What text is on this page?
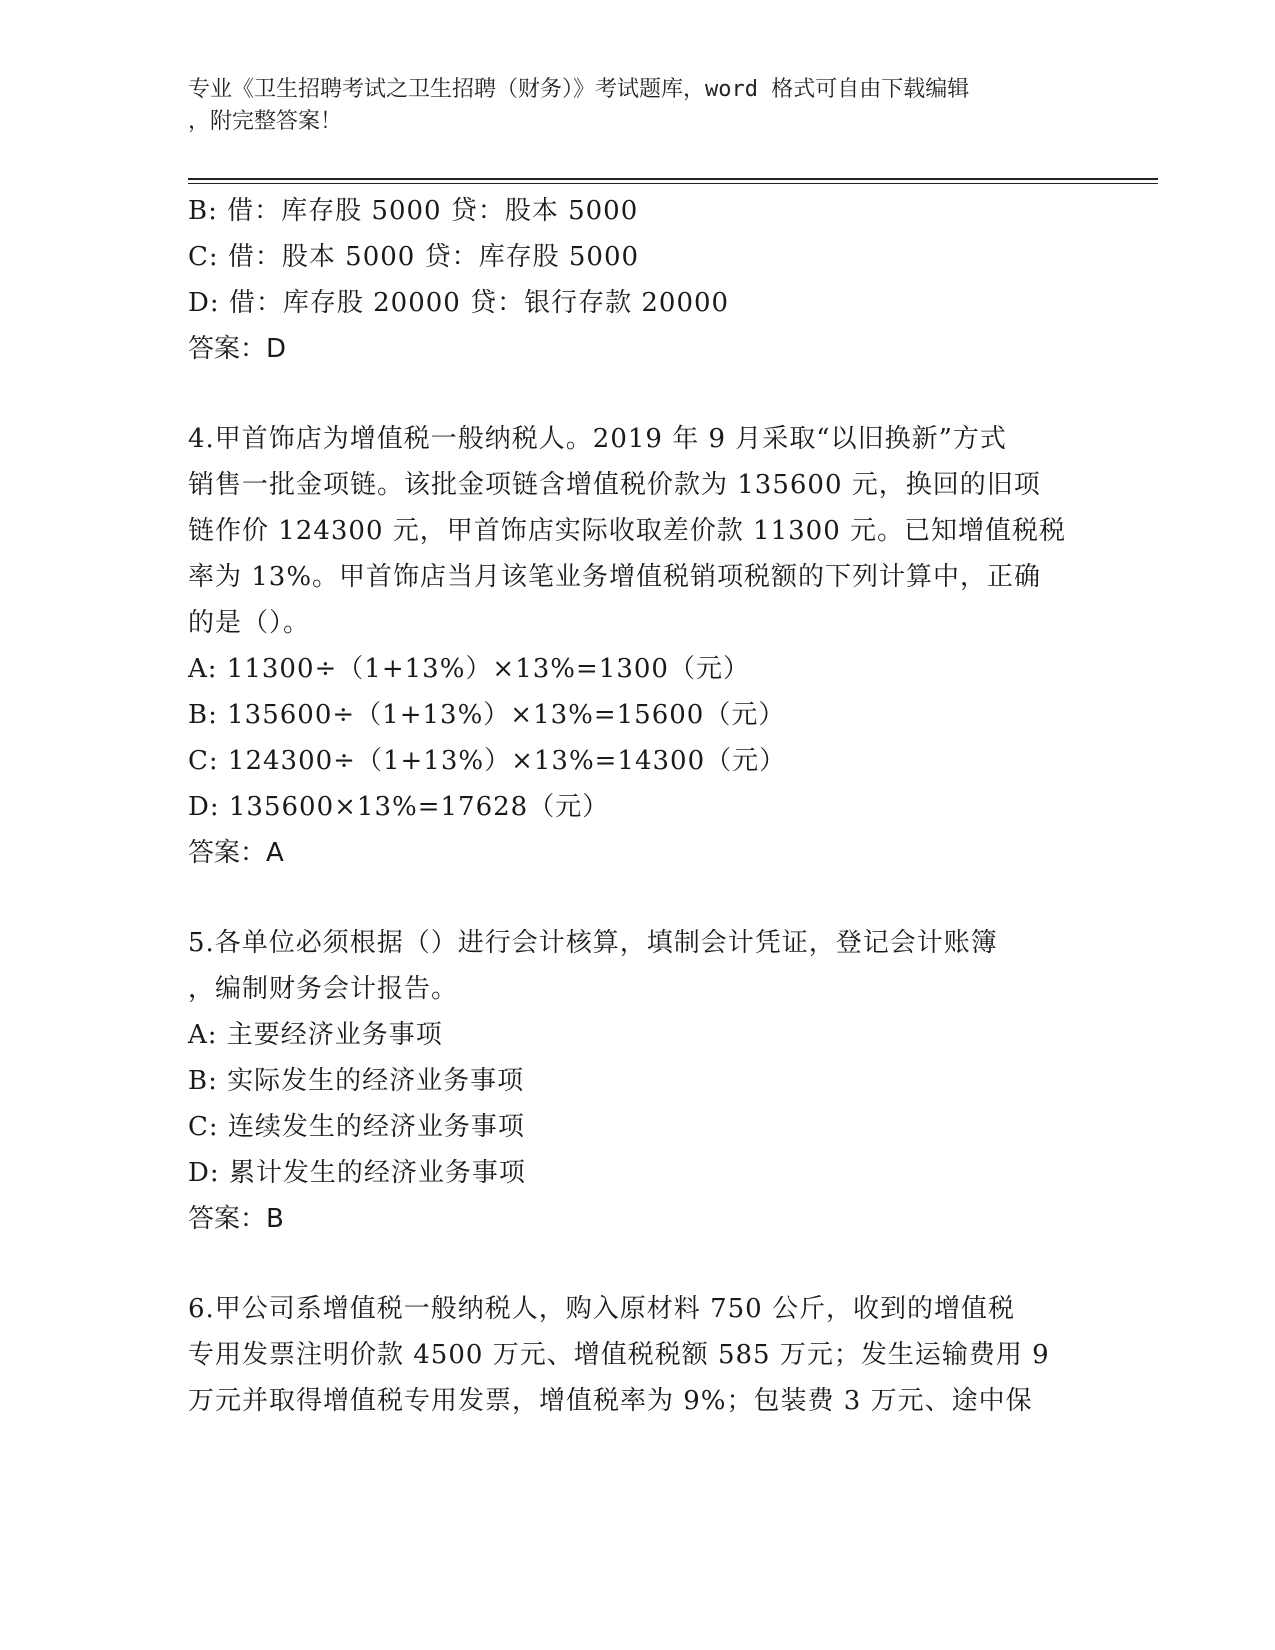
专业《卫生招聘考试之卫生招聘（财务）》考试题库，word 格式可自由下载编辑
，附完整答案！
B: 借：库存股 5000 贷：股本 5000
C: 借：股本 5000 贷：库存股 5000
D: 借：库存股 20000 贷：银行存款 20000
答案：D
4.甲首饰店为增值税一般纳税人。2019 年 9 月采取“以旧换新”方式
销售一批金项链。该批金项链含增值税价款为 135600 元，换回的旧项
链作价 124300 元，甲首饰店实际收取差价款 11300 元。已知增值税税
率为 13%。甲首饰店当月该笔业务增值税销项税额的下列计算中，正确
的是（）。
A: 11300÷（1+13%）×13%=1300（元）
B: 135600÷（1+13%）×13%=15600（元）
C: 124300÷（1+13%）×13%=14300（元）
D: 135600×13%=17628（元）
答案：A
5.各单位必须根据（）进行会计核算，填制会计凭证，登记会计账簿
，编制财务会计报告。
A: 主要经济业务事项
B: 实际发生的经济业务事项
C: 连续发生的经济业务事项
D: 累计发生的经济业务事项
答案：B
6.甲公司系增值税一般纳税人，购入原材料 750 公斤，收到的增值税
专用发票注明价款 4500 万元、增值税税额 585 万元；发生运输费用 9
万元并取得增值税专用发票，增值税率为 9%；包装费 3 万元、途中保
